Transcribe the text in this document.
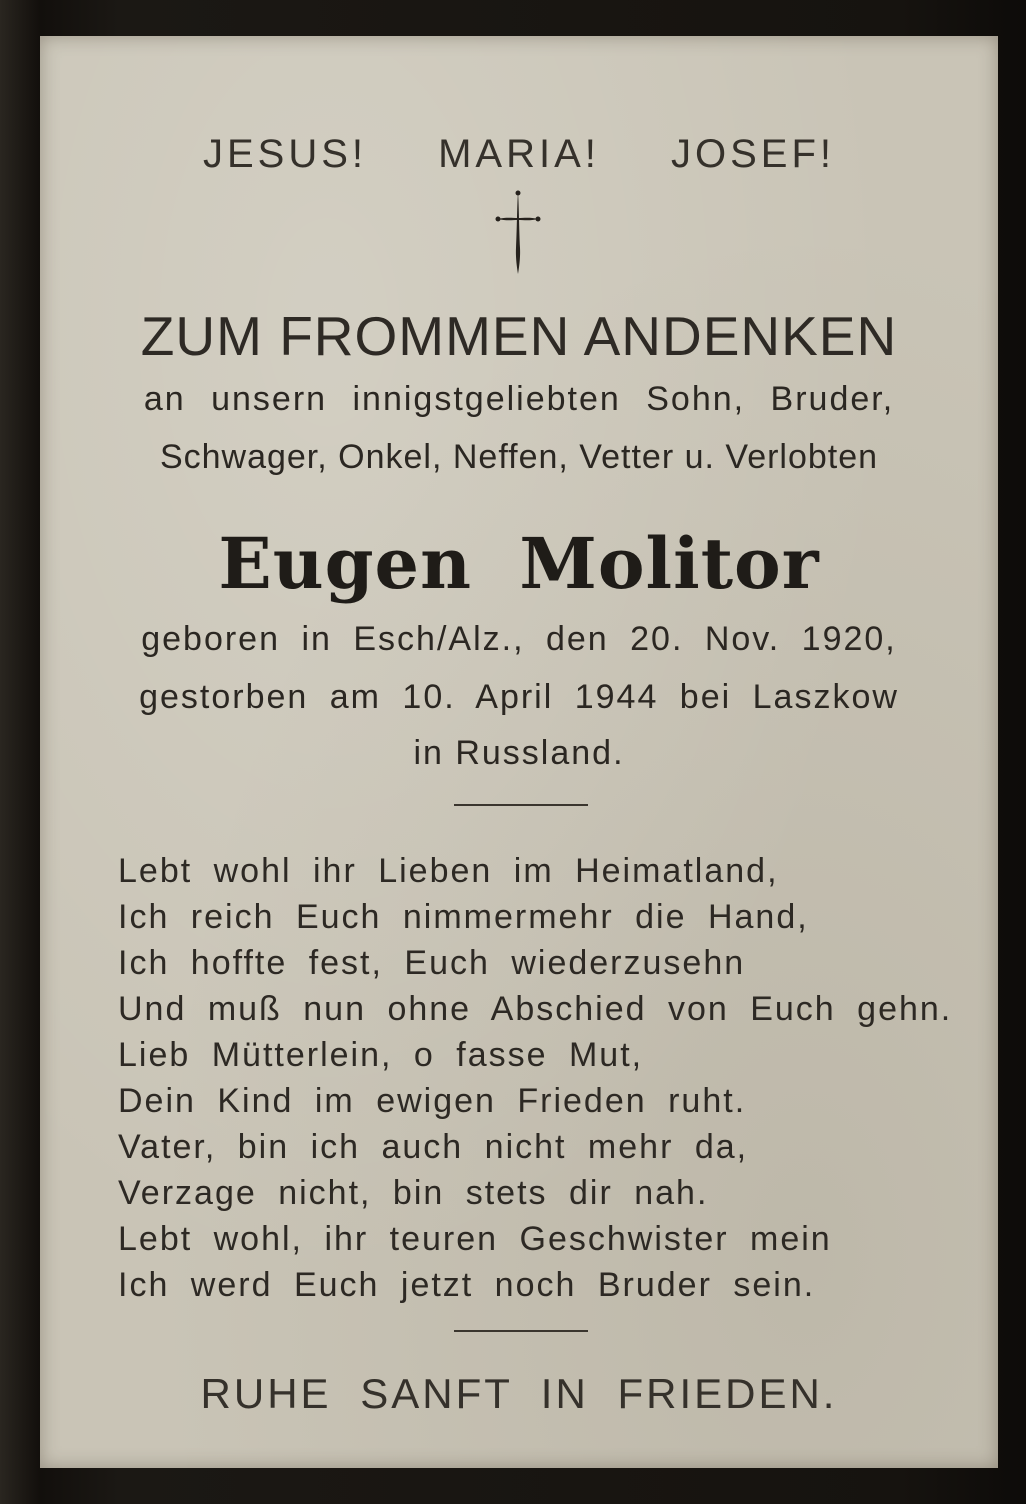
JESUS! MARIA! JOSEF!

ZUM FROMMEN ANDENKEN

an unsern innigstgeliebten Sohn, Bruder,

Schwager, Onkel, Neffen, Vetter u. Verlobten

Eugen Molitor

geboren in Esch/Alz., den 20. Nov. 1920,

gestorben am 10. April 1944 bei Laszkow

in Russland.

Lebt wohl ihr Lieben im Heimatland,
Ich reich Euch nimmermehr die Hand,
Ich hoffte fest, Euch wiederzusehn
Und muß nun ohne Abschied von Euch gehn.
Lieb Mütterlein, o fasse Mut,
Dein Kind im ewigen Frieden ruht.
Vater, bin ich auch nicht mehr da,
Verzage nicht, bin stets dir nah.
Lebt wohl, ihr teuren Geschwister mein
Ich werd Euch jetzt noch Bruder sein.

RUHE SANFT IN FRIEDEN.
